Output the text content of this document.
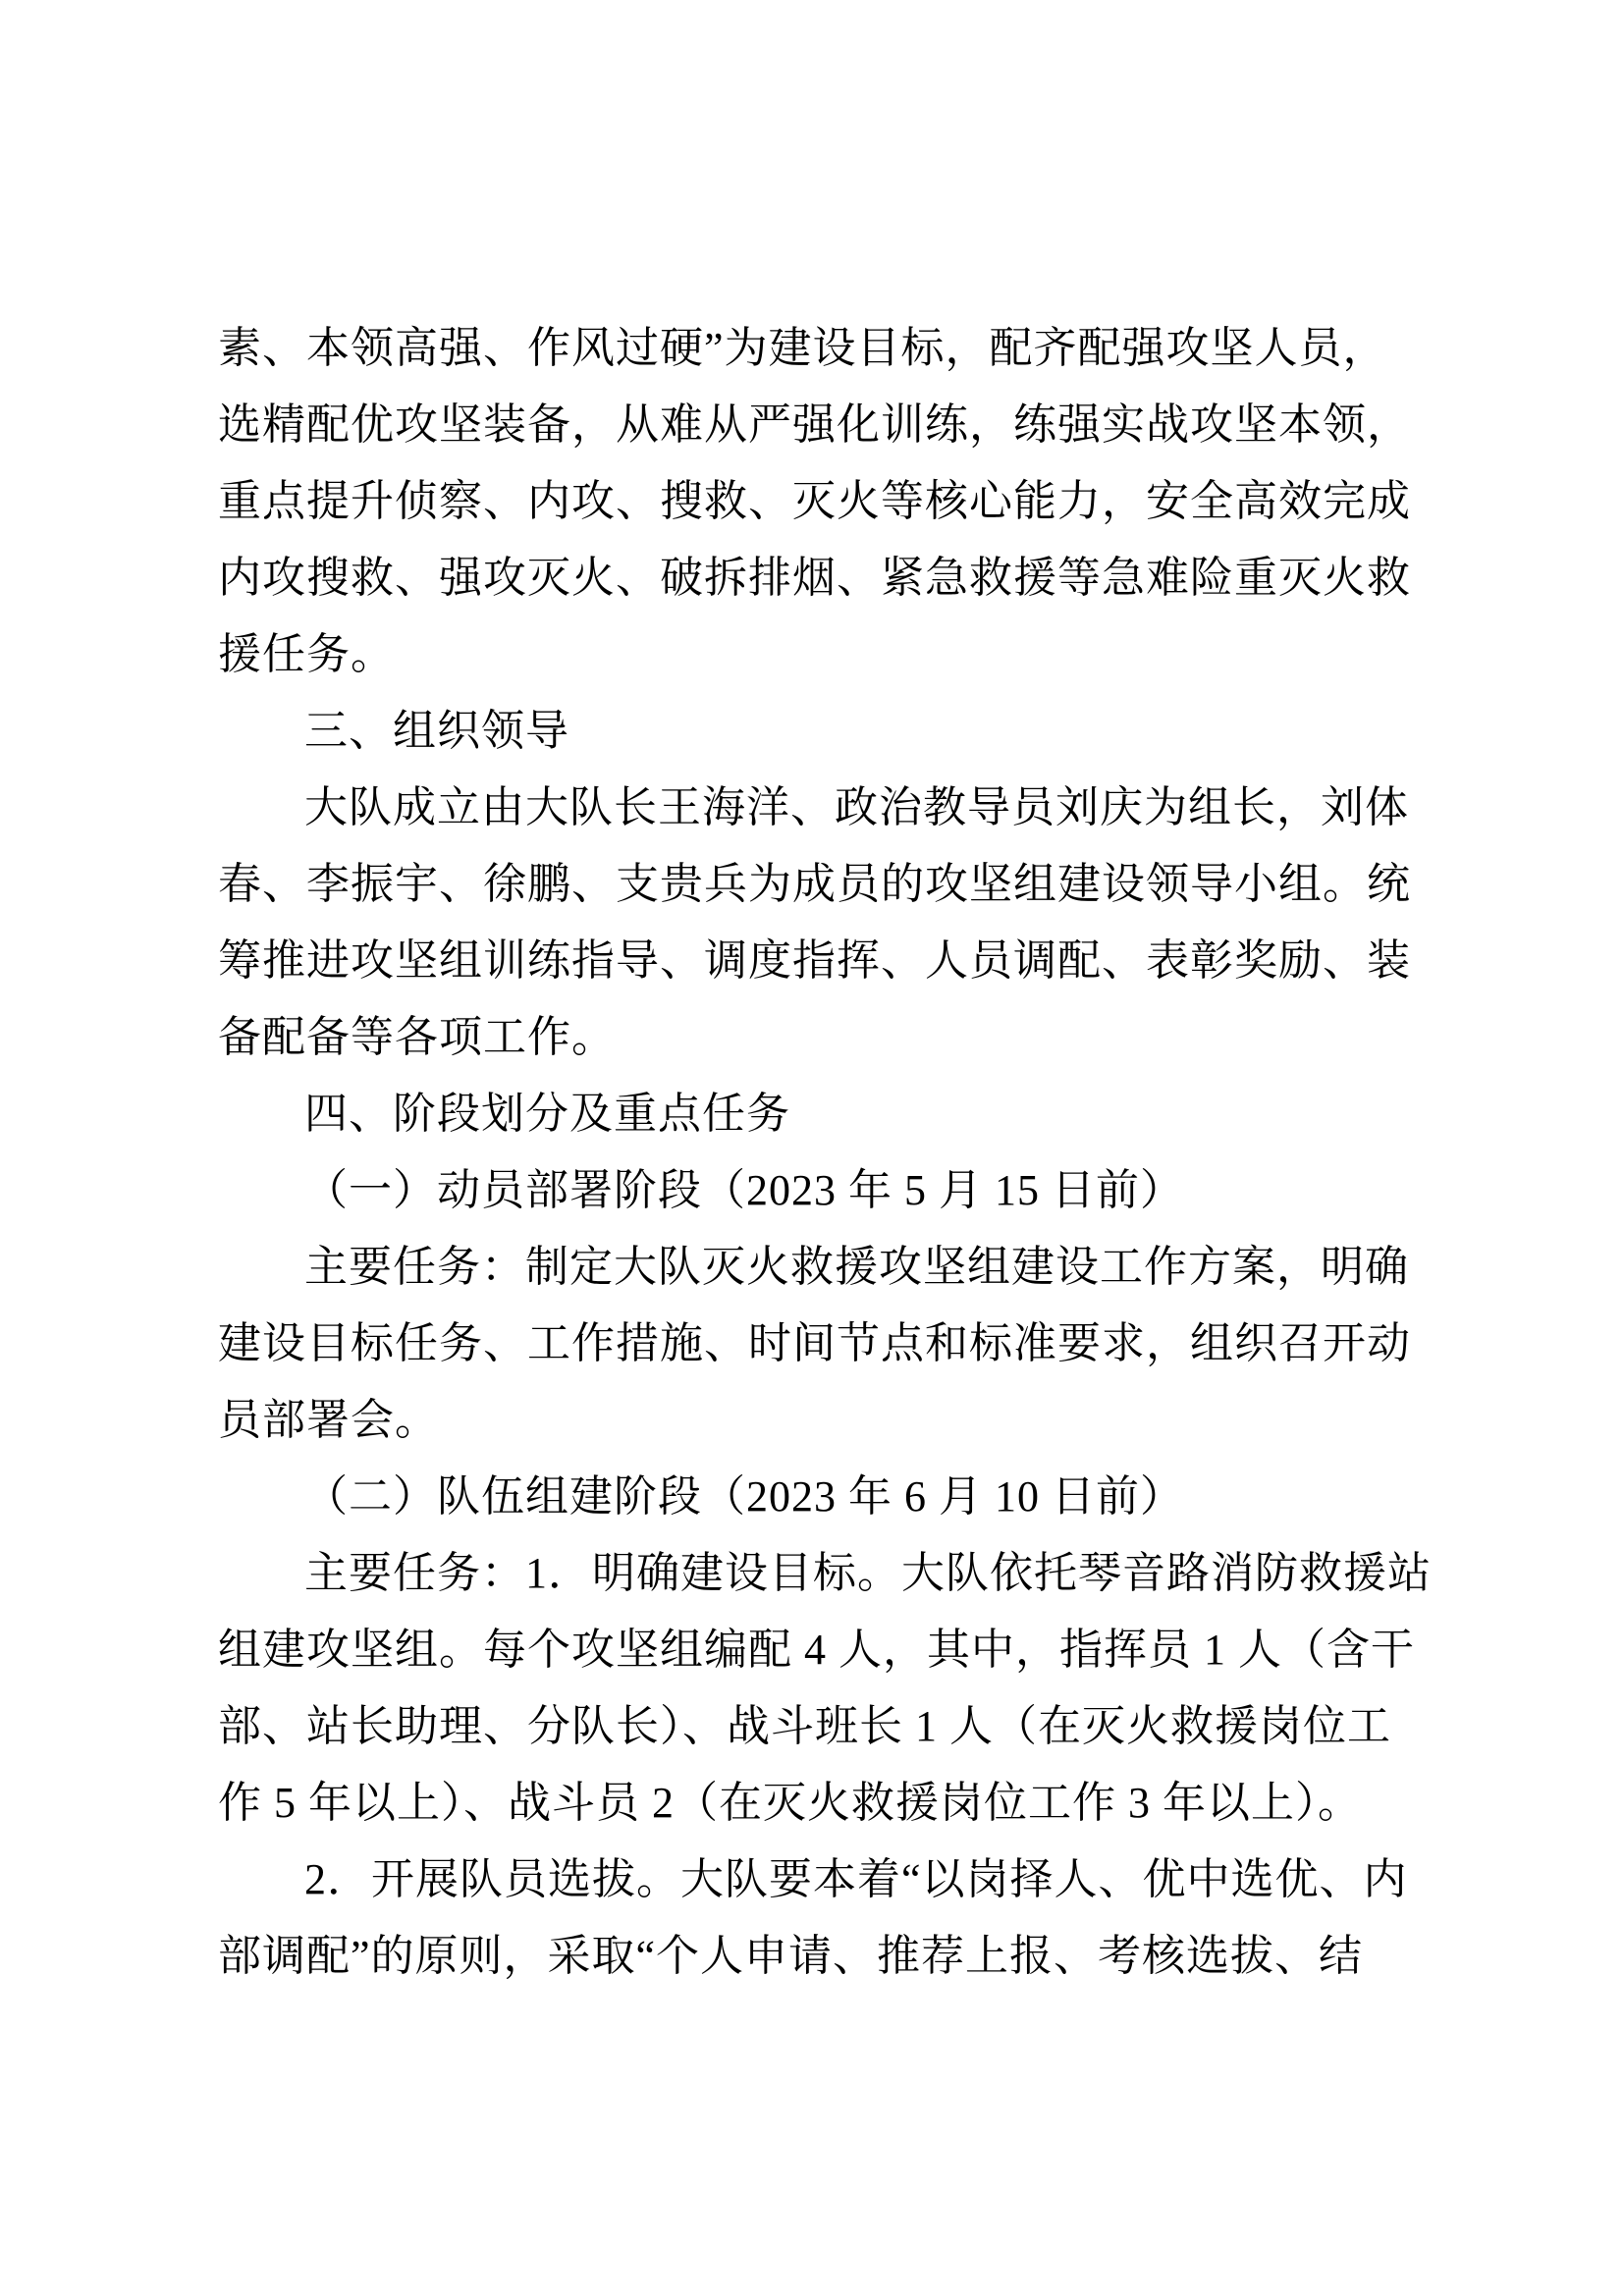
素、本领高强、作风过硬”为建设目标，配齐配强攻坚人员，
选精配优攻坚装备，从难从严强化训练，练强实战攻坚本领，
重点提升侦察、内攻、搜救、灭火等核心能力，安全高效完成
内攻搜救、强攻灭火、破拆排烟、紧急救援等急难险重灭火救
援任务。
三、组织领导
大队成立由大队长王海洋、政治教导员刘庆为组长，刘体
春、李振宇、徐鹏、支贵兵为成员的攻坚组建设领导小组。统
筹推进攻坚组训练指导、调度指挥、人员调配、表彰奖励、装
备配备等各项工作。
四、阶段划分及重点任务
（一）动员部署阶段（2023 年 5 月 15 日前）
主要任务：制定大队灭火救援攻坚组建设工作方案，明确
建设目标任务、工作措施、时间节点和标准要求，组织召开动
员部署会。
（二）队伍组建阶段（2023 年 6 月 10 日前）
主要任务：1．明确建设目标。大队依托琴音路消防救援站
组建攻坚组。每个攻坚组编配 4 人，其中，指挥员 1 人（含干
部、站长助理、分队长）、战斗班长 1 人（在灭火救援岗位工
作 5 年以上）、战斗员 2（在灭火救援岗位工作 3 年以上）。
2．开展队员选拔。大队要本着“以岗择人、优中选优、内
部调配”的原则，采取“个人申请、推荐上报、考核选拔、结
